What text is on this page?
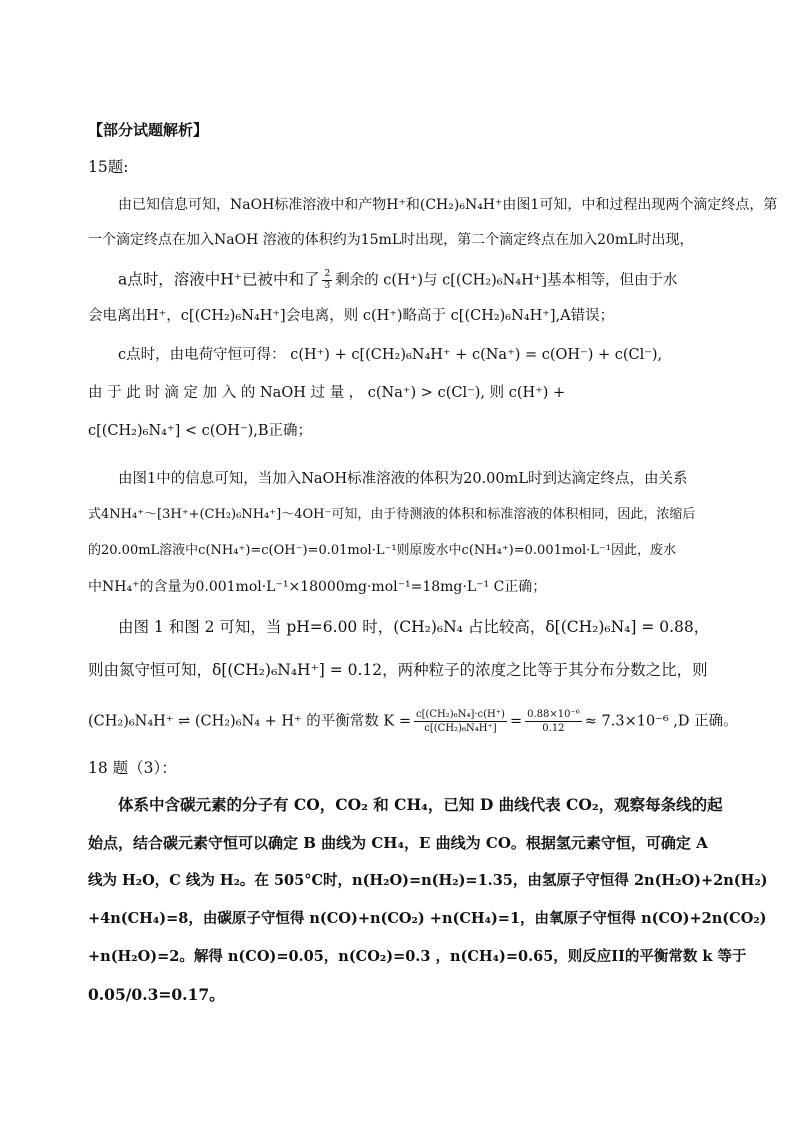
【部分试题解析】
15题:
由已知信息可知，NaOH标准溶液中和产物H⁺和(CH₂)₆N₄H⁺由图1可知，中和过程出现两个滴定终点，第
一个滴定终点在加入NaOH 溶液的体积约为15mL时出现，第二个滴定终点在加入20mL时出现，
a点时，溶液中H⁺已被中和了 $\frac{2}{3}$ 剩余的 c(H⁺)与 c[(CH₂)₆N₄H⁺]基本相等，但由于水
会电离出H⁺，c[(CH₂)₆N₄H⁺]会电离，则 c(H⁺)略高于 c[(CH₂)₆N₄H⁺],A错误；
c点时，由电荷守恒可得： c(H⁺) + c[(CH₂)₆N₄H⁺ + c(Na⁺) = c(OH⁻) + c(Cl⁻),
由 于 此 时 滴 定 加 入 的 NaOH 过 量 ， c(Na⁺) > c(Cl⁻), 则 c(H⁺) +
c[(CH₂)₆N₄⁺] < c(OH⁻),B正确；
由图1中的信息可知，当加入NaOH标准溶液的体积为20.00mL时到达滴定终点，由关系
式4NH₄⁺～[3H⁺+(CH₂)₆NH₄⁺]～4OH⁻可知，由于待测液的体积和标准溶液的体积相同，因此，浓缩后
的20.00mL溶液中c(NH₄⁺)=c(OH⁻)=0.01mol·L⁻¹则原废水中c(NH₄⁺)=0.001mol·L⁻¹因此，废水
中NH₄⁺的含量为0.001mol·L⁻¹×18000mg·mol⁻¹=18mg·L⁻¹ C正确；
由图 1 和图 2 可知，当 pH=6.00 时，(CH₂)₆N₄ 占比较高，δ[(CH₂)₆N₄] = 0.88，
则由氮守恒可知，δ[(CH₂)₆N₄H⁺] = 0.12，两种粒子的浓度之比等于其分布分数之比，则
(CH₂)₆N₄H⁺ ⇌ (CH₂)₆N₄ + H⁺ 的平衡常数 $K = \frac{\text{c[(CH₂)₆N₄]·c(H⁺)}}{\text{c[(CH₂)₆N₄H⁺]}} = \frac{\text{0.88×10⁻⁶}}{0.12} \approx 7.3\times 10^{-6}$ ,D 正确。
18 题（3）：
体系中含碳元素的分子有 CO，CO₂ 和 CH₄，已知 D 曲线代表 CO₂，观察每条线的起
始点，结合碳元素守恒可以确定 B 曲线为 CH₄，E 曲线为 CO。根据氢元素守恒，可确定 A
线为 H₂O，C 线为 H₂。在 505°C时，n(H₂O)=n(H₂)=1.35，由氢原子守恒得 2n(H₂O)+2n(H₂)
+4n(CH₄)=8，由碳原子守恒得 n(CO)+n(CO₂) +n(CH₄)=1，由氧原子守恒得 n(CO)+2n(CO₂)
+n(H₂O)=2。解得 n(CO)=0.05，n(CO₂)=0.3 ，n(CH₄)=0.65，则反应II的平衡常数 k 等于
0.05/0.3=0.17。
